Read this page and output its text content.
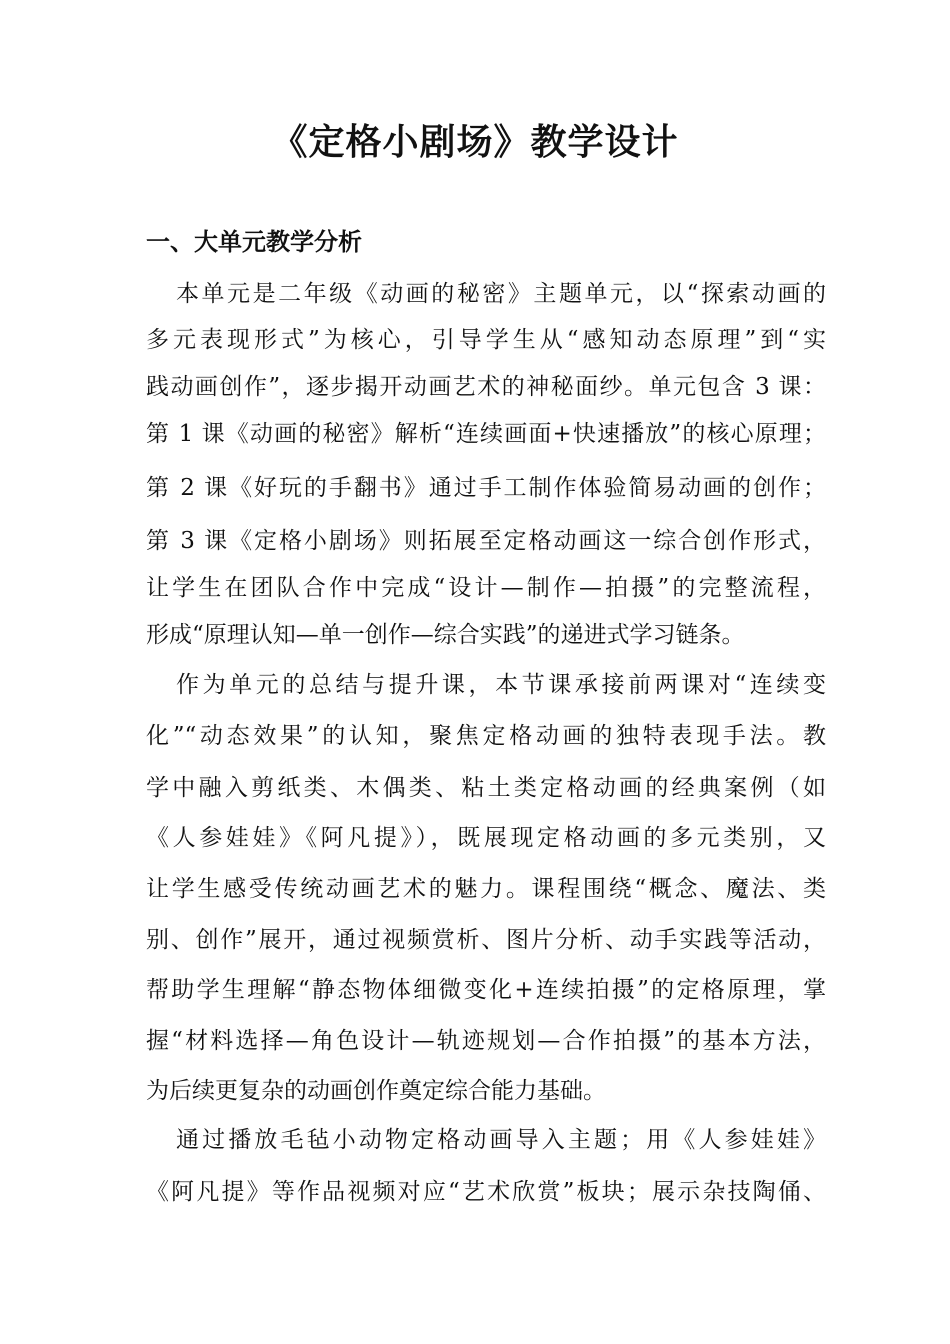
《定格小剧场》教学设计
一、大单元教学分析
本单元是二年级《动画的秘密》主题单元，以“探索动画的
多元表现形式”为核心，引导学生从“感知动态原理”到“实
践动画创作”，逐步揭开动画艺术的神秘面纱。单元包含 3 课：
第 1 课《动画的秘密》解析“连续画面+快速播放”的核心原理；
第 2 课《好玩的手翻书》通过手工制作体验简易动画的创作；
第 3 课《定格小剧场》则拓展至定格动画这一综合创作形式，
让学生在团队合作中完成“设计—制作—拍摄”的完整流程，
形成“原理认知—单一创作—综合实践”的递进式学习链条。
作为单元的总结与提升课，本节课承接前两课对“连续变
化”“动态效果”的认知，聚焦定格动画的独特表现手法。教
学中融入剪纸类、木偶类、粘土类定格动画的经典案例（如
《人参娃娃》《阿凡提》），既展现定格动画的多元类别，又
让学生感受传统动画艺术的魅力。课程围绕“概念、魔法、类
别、创作”展开，通过视频赏析、图片分析、动手实践等活动，
帮助学生理解“静态物体细微变化+连续拍摄”的定格原理，掌
握“材料选择—角色设计—轨迹规划—合作拍摄”的基本方法，
为后续更复杂的动画创作奠定综合能力基础。
通过播放毛毡小动物定格动画导入主题；用《人参娃娃》
《阿凡提》等作品视频对应“艺术欣赏”板块；展示杂技陶俑、
